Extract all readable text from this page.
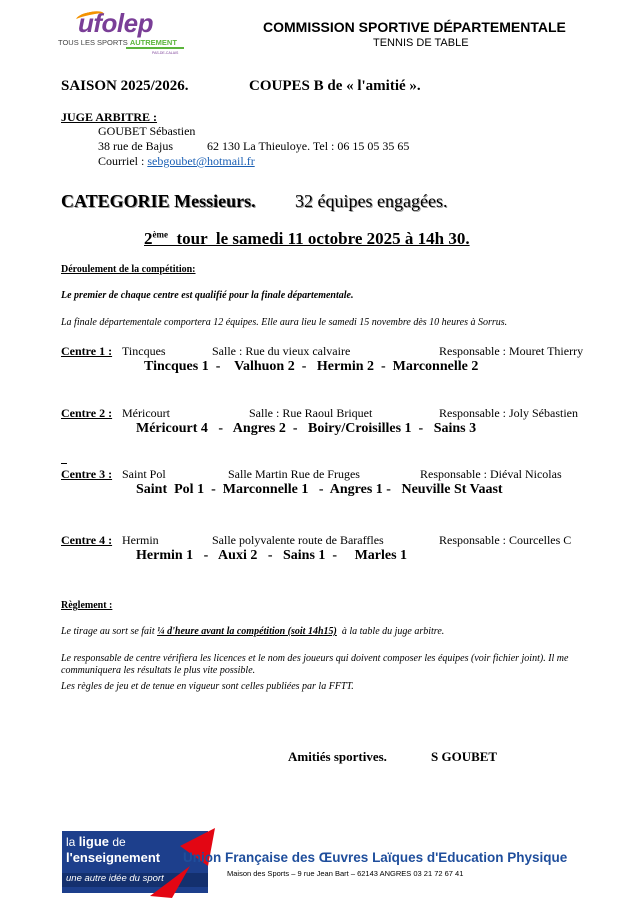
ufolep
TOUS LES SPORTS AUTREMENT
PAS-DE-CALAIS
COMMISSION SPORTIVE DÉPARTEMENTALE
TENNIS DE TABLE
SAISON 2025/2026.	COUPES B de « l'amitié ».
JUGE ARBITRE :
GOUBET Sébastien
38 rue de Bajus	62 130 La Thieuloye. Tel : 06 15 05 35 65
Courriel : sebgoubet@hotmail.fr
CATEGORIE Messieurs. 32 équipes engagées.
2ème  tour  le samedi 11 octobre 2025 à 14h 30.
Déroulement de la compétition:
Le premier de chaque centre est qualifié pour la finale départementale.
La finale départementale comportera 12 équipes. Elle aura lieu le samedi 15 novembre dès 10 heures à Sorrus.
Centre 1 : Tincques	Salle : Rue du vieux calvaire	Responsable : Mouret Thierry
Tincques 1  -    Valhuon 2  -   Hermin 2  -  Marconnelle 2
Centre 2 : Méricourt	Salle : Rue Raoul Briquet	Responsable : Joly Sébastien
Méricourt 4   -   Angres 2  -   Boiry/Croisilles 1  -   Sains 3
Centre 3 : Saint Pol	Salle Martin Rue de Fruges	Responsable : Diéval Nicolas
Saint  Pol 1  -  Marconnelle 1   -  Angres 1 -   Neuville St Vaast
Centre 4 : Hermin	Salle polyvalente route de Baraffles	Responsable : Courcelles C
Hermin 1   -   Auxi 2   -   Sains 1  -     Marles 1
Règlement :
Le tirage au sort se fait ¼ d'heure avant la compétition (soit 14h15)  à la table du juge arbitre.
Le responsable de centre vérifiera les licences et le nom des joueurs qui doivent composer les équipes (voir fichier joint). Il me communiquera les résultats le plus vite possible.
Les règles de jeu et de tenue en vigueur sont celles publiées par la FFTT.
Amitiés sportives.	S GOUBET
la ligue de
l'enseignement
une autre idée du sport
Union Française des Œuvres Laïques d'Education Physique
Maison des Sports – 9 rue Jean Bart – 62143 ANGRES 03 21 72 67 41
